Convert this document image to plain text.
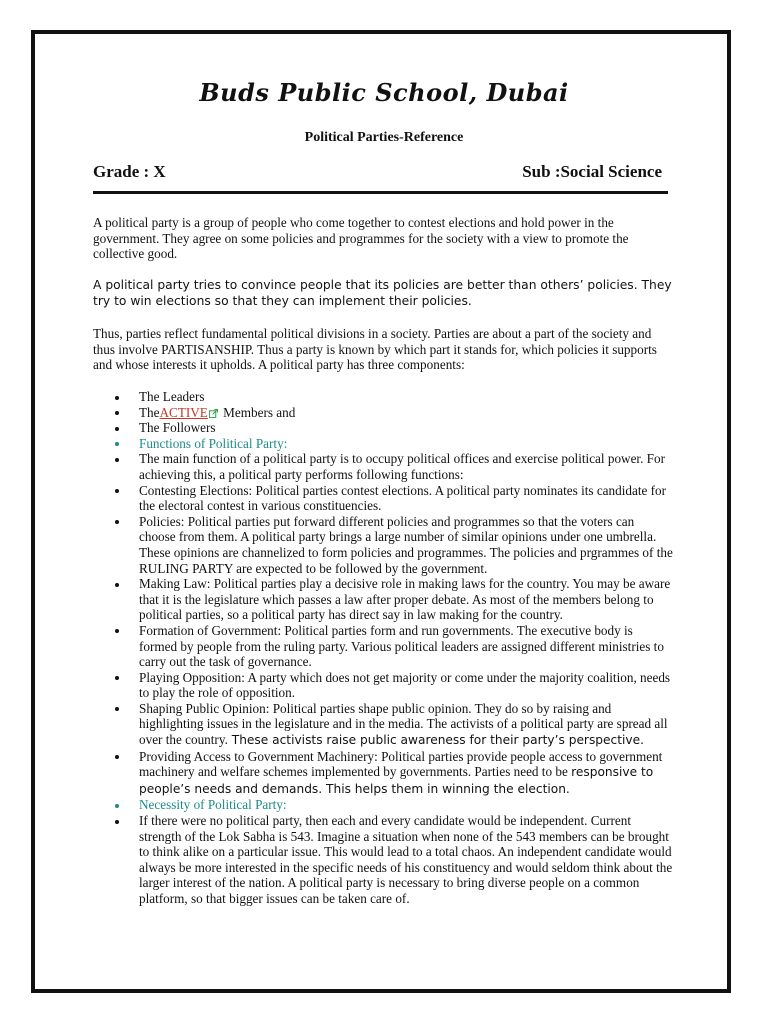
Buds Public School, Dubai
Political Parties-Reference
Grade : X	Sub :Social Science

A political party is a group of people who come together to contest elections and hold power in the government. They agree on some policies and programmes for the society with a view to promote the collective good.

A political party tries to convince people that its policies are better than others’ policies. They try to win elections so that they can implement their policies.

Thus, parties reflect fundamental political divisions in a society. Parties are about a part of the society and thus involve PARTISANSHIP. Thus a party is known by which part it stands for, which policies it supports and whose interests it upholds. A political party has three components:

The Leaders
TheACTIVE Members and
The Followers
Functions of Political Party:
The main function of a political party is to occupy political offices and exercise political power. For achieving this, a political party performs following functions:
Contesting Elections: Political parties contest elections. A political party nominates its candidate for the electoral contest in various constituencies.
Policies: Political parties put forward different policies and programmes so that the voters can choose from them. A political party brings a large number of similar opinions under one umbrella. These opinions are channelized to form policies and programmes. The policies and prgrammes of the RULING PARTY are expected to be followed by the government.
Making Law: Political parties play a decisive role in making laws for the country. You may be aware that it is the legislature which passes a law after proper debate. As most of the members belong to political parties, so a political party has direct say in law making for the country.
Formation of Government: Political parties form and run governments. The executive body is formed by people from the ruling party. Various political leaders are assigned different ministries to carry out the task of governance.
Playing Opposition: A party which does not get majority or come under the majority coalition, needs to play the role of opposition.
Shaping Public Opinion: Political parties shape public opinion. They do so by raising and highlighting issues in the legislature and in the media. The activists of a political party are spread all over the country. These activists raise public awareness for their party’s perspective.
Providing Access to Government Machinery: Political parties provide people access to government machinery and welfare schemes implemented by governments. Parties need to be responsive to people’s needs and demands. This helps them in winning the election.
Necessity of Political Party:
If there were no political party, then each and every candidate would be independent. Current strength of the Lok Sabha is 543. Imagine a situation when none of the 543 members can be brought to think alike on a particular issue. This would lead to a total chaos. An independent candidate would always be more interested in the specific needs of his constituency and would seldom think about the larger interest of the nation. A political party is necessary to bring diverse people on a common platform, so that bigger issues can be taken care of.
